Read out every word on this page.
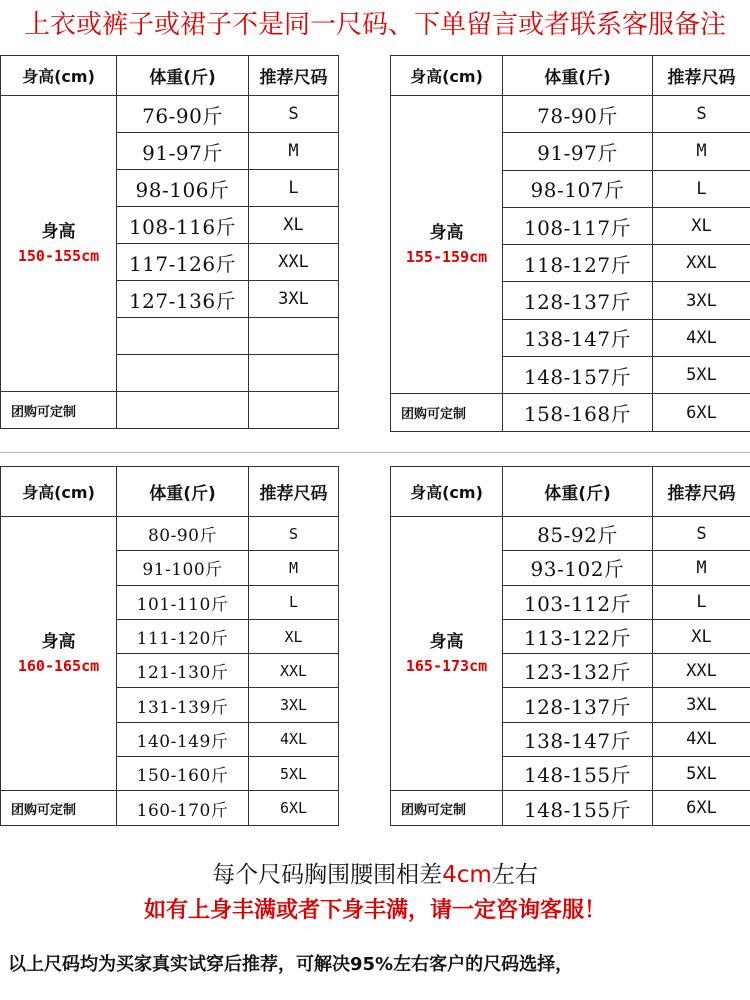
上衣或裤子或裙子不是同一尺码、下单留言或者联系客服备注
身高(cm)	体重(斤)	推荐尺码

身高
150-155cm	76-90斤	S
	91-97斤	M
	98-106斤	L
	108-116斤	XL
	117-126斤	XXL
	127-136斤	3XL

团购可定制		
身高(cm)	体重(斤)	推荐尺码

身高
155-159cm	78-90斤	S
	91-97斤	M
	98-107斤	L
	108-117斤	XL
	118-127斤	XXL
	128-137斤	3XL
	138-147斤	4XL
	148-157斤	5XL
团购可定制	158-168斤	6XL
身高(cm)	体重(斤)	推荐尺码

身高
160-165cm	80-90斤	S
	91-100斤	M
	101-110斤	L
	111-120斤	XL
	121-130斤	XXL
	131-139斤	3XL
	140-149斤	4XL
	150-160斤	5XL
团购可定制	160-170斤	6XL
身高(cm)	体重(斤)	推荐尺码

身高
165-173cm	85-92斤	S
	93-102斤	M
	103-112斤	L
	113-122斤	XL
	123-132斤	XXL
	128-137斤	3XL
	138-147斤	4XL
	148-155斤	5XL
团购可定制	148-155斤	6XL
每个尺码胸围腰围相差4cm左右
如有上身丰满或者下身丰满，请一定咨询客服！
以上尺码均为买家真实试穿后推荐，可解决95%左右客户的尺码选择，
